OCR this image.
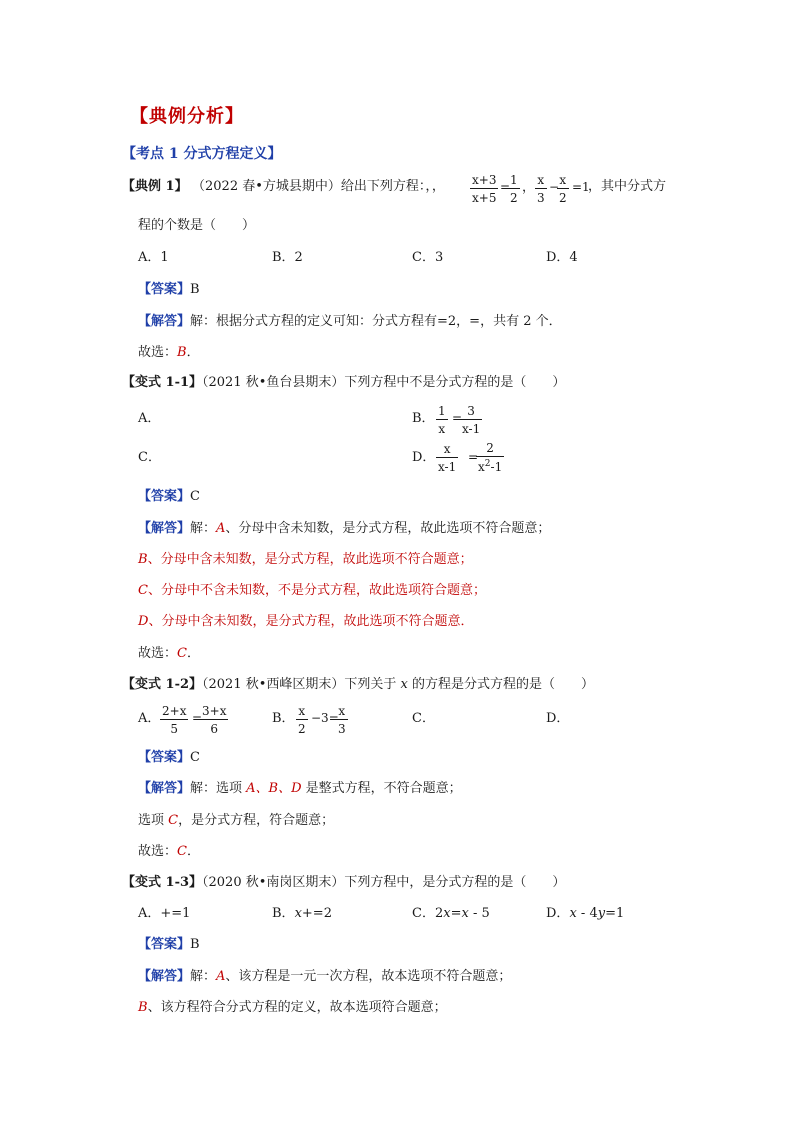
【典例分析】
【考点 1 分式方程定义】
【典例 1】 （2022 春•方城县期中）给出下列方程：，， x+3
x+5
= 1
2
， x
3
− x
2
=1
，其中分式方
程的个数是（　　）
A．1	B．2	C．3	D．4
【答案】B
【解答】解：根据分式方程的定义可知：分式方程有=2，=，共有 2 个．
故选：B．
【变式 1-1】（2021 秋•鱼台县期末）下列方程中不是分式方程的是（　　）
A．	B． 1
x
= 3
x-1
C．	D．
x
x-1
=
2
$x^2-1$
【答案】C
【解答】解：A、分母中含未知数，是分式方程，故此选项不符合题意；
B、分母中含未知数，是分式方程，故此选项不符合题意；
C、分母中不含未知数，不是分式方程，故此选项符合题意；
D、分母中含未知数，是分式方程，故此选项不符合题意．
故选：C．
【变式 1-2】（2021 秋•西峰区期末）下列关于 x 的方程是分式方程的是（　　）
A． 2+x
5
= 3+x
6
B． x
2
−3= x
3
C．	D．
【答案】C
【解答】解：选项 A、B、D 是整式方程，不符合题意；
选项 C，是分式方程，符合题意；
故选：C．
【变式 1-3】（2020 秋•南岗区期末）下列方程中，是分式方程的是（　　）
A．+=1	B．x+=2	C．2x=x - 5	D．x - 4y=1
【答案】B
【解答】解：A、该方程是一元一次方程，故本选项不符合题意；
B、该方程符合分式方程的定义，故本选项符合题意；
